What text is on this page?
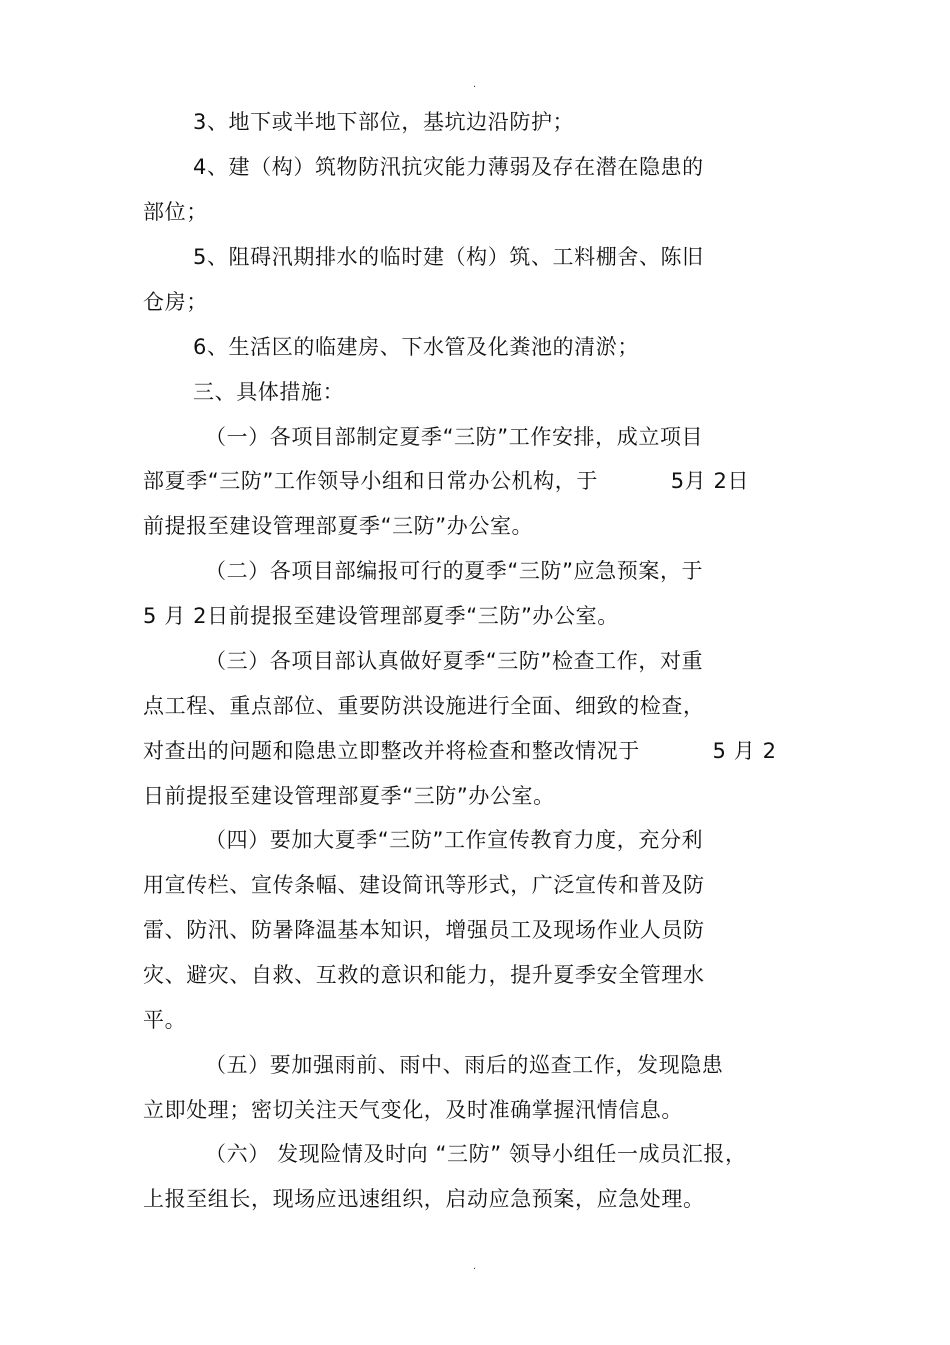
.
3、地下或半地下部位，基坑边沿防护；
4、建（构）筑物防汛抗灾能力薄弱及存在潜在隐患的
部位；
5、阻碍汛期排水的临时建（构）筑、工料棚舍、陈旧
仓房；
6、生活区的临建房、下水管及化粪池的清淤；
三、具体措施：
（一）各项目部制定夏季“三防”工作安排，成立项目
部夏季“三防”工作领导小组和日常办公机构，于          5月 2日
前提报至建设管理部夏季“三防”办公室。
（二）各项目部编报可行的夏季“三防”应急预案，于
5 月 2日前提报至建设管理部夏季“三防”办公室。
（三）各项目部认真做好夏季“三防”检查工作，对重
点工程、重点部位、重要防洪设施进行全面、细致的检查，
对查出的问题和隐患立即整改并将检查和整改情况于          5 月 2
日前提报至建设管理部夏季“三防”办公室。
（四）要加大夏季“三防”工作宣传教育力度，充分利
用宣传栏、宣传条幅、建设简讯等形式，广泛宣传和普及防
雷、防汛、防暑降温基本知识，增强员工及现场作业人员防
灾、避灾、自救、互救的意识和能力，提升夏季安全管理水
平。
（五）要加强雨前、雨中、雨后的巡查工作，发现隐患
立即处理；密切关注天气变化，及时准确掌握汛情信息。
（六） 发现险情及时向 “三防” 领导小组任一成员汇报，
上报至组长，现场应迅速组织，启动应急预案，应急处理。
.
